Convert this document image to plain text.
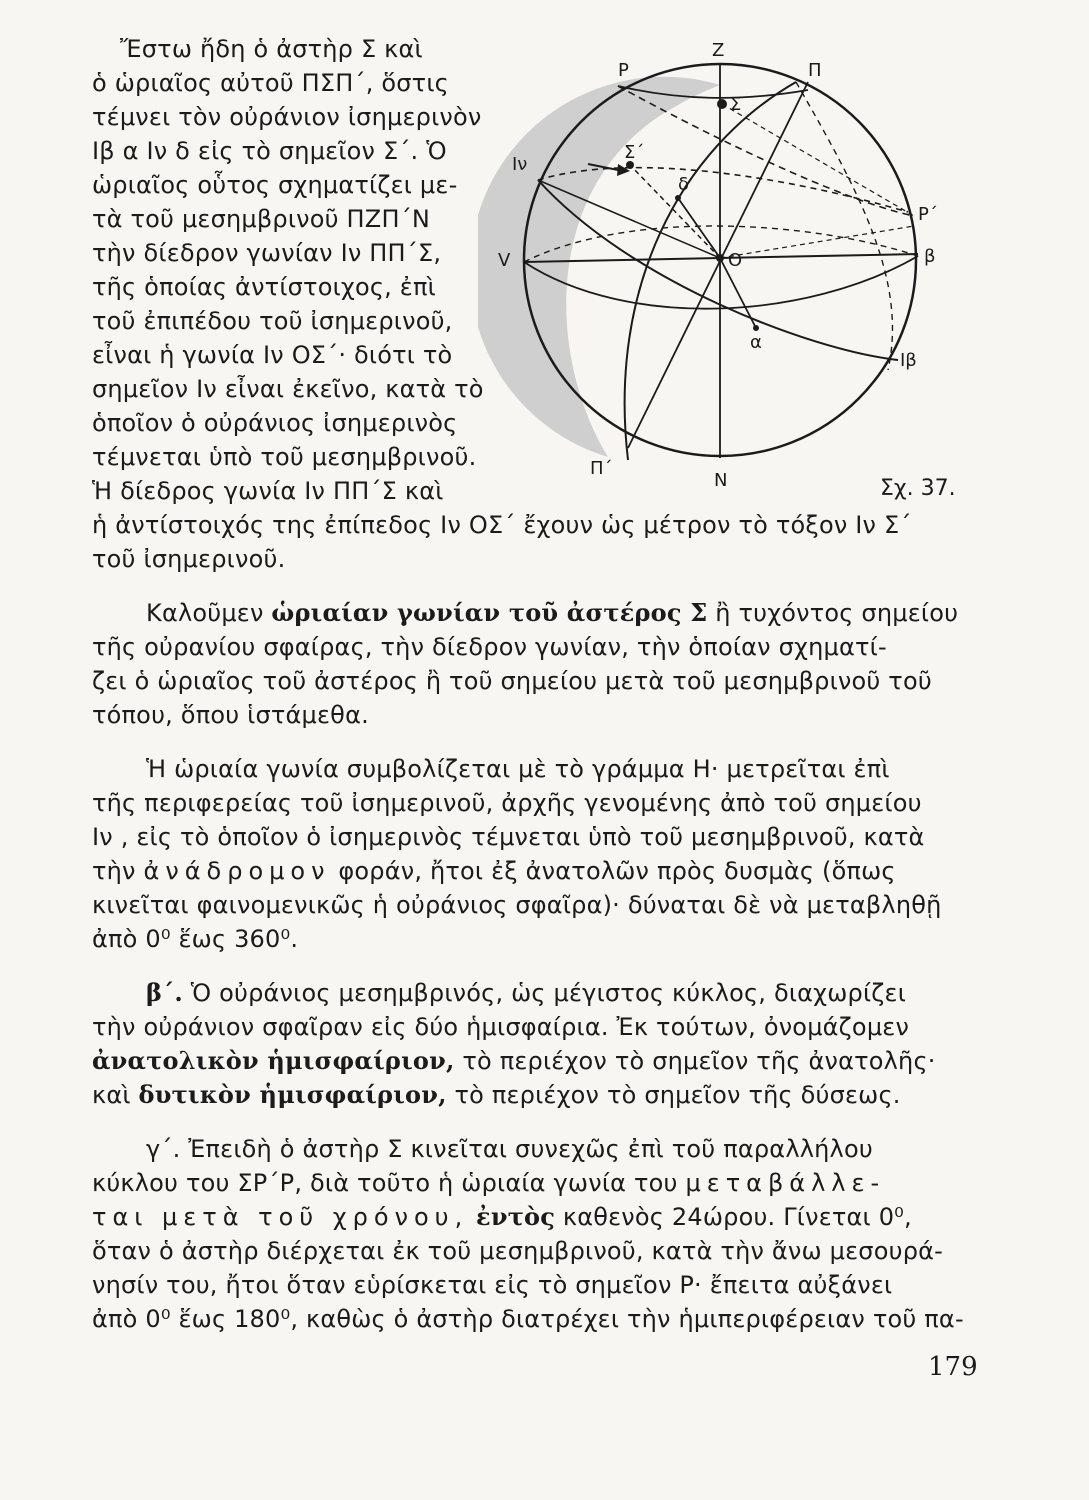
Ζ
Ρ	Π
Σ
Σ΄
δ
Ιν
Ρ΄
V	Ο	β
α
Ιβ
Π΄
Ν	Σχ. 37.
Ἔστω ἤδη ὁ ἀστὴρ Σ καὶ
ὁ ὡριαῖος αὐτοῦ ΠΣΠ΄, ὅστις
τέμνει τὸν οὐράνιον ἰσημερινὸν
Ιβ α Ιν δ εἰς τὸ σημεῖον Σ΄. Ὁ
ὡριαῖος οὗτος σχηματίζει με-
τὰ τοῦ μεσημβρινοῦ ΠΖΠ΄Ν
τὴν δίεδρον γωνίαν Ιν ΠΠ΄Σ,
τῆς ὁποίας ἀντίστοιχος, ἐπὶ
τοῦ ἐπιπέδου τοῦ ἰσημερινοῦ,
εἶναι ἡ γωνία Ιν ΟΣ΄· διότι τὸ
σημεῖον Ιν εἶναι ἐκεῖνο, κατὰ τὸ
ὁποῖον ὁ οὐράνιος ἰσημερινὸς
τέμνεται ὑπὸ τοῦ μεσημβρινοῦ.
Ἡ δίεδρος γωνία Ιν ΠΠ΄Σ καὶ
ἡ ἀντίστοιχός της ἐπίπεδος Ιν ΟΣ΄ ἔχουν ὡς μέτρον τὸ τόξον Ιν Σ΄
τοῦ ἰσημερινοῦ.
Καλοῦμεν ὡριαίαν γωνίαν τοῦ ἀστέρος Σ ἢ τυχόντος σημείου
τῆς οὐρανίου σφαίρας, τὴν δίεδρον γωνίαν, τὴν ὁποίαν σχηματί-
ζει ὁ ὡριαῖος τοῦ ἀστέρος ἢ τοῦ σημείου μετὰ τοῦ μεσημβρινοῦ τοῦ
τόπου, ὅπου ἱστάμεθα.
Ἡ ὡριαία γωνία συμβολίζεται μὲ τὸ γράμμα Η· μετρεῖται ἐπὶ
τῆς περιφερείας τοῦ ἰσημερινοῦ, ἀρχῆς γενομένης ἀπὸ τοῦ σημείου
Ιν , εἰς τὸ ὁποῖον ὁ ἰσημερινὸς τέμνεται ὑπὸ τοῦ μεσημβρινοῦ, κατὰ
τὴν ἀνάδρομον φοράν, ἤτοι ἐξ ἀνατολῶν πρὸς δυσμὰς (ὅπως
κινεῖται φαινομενικῶς ἡ οὐράνιος σφαῖρα)· δύναται δὲ νὰ μεταβληθῇ
ἀπὸ 0⁰ ἕως 360⁰.
β΄. Ὁ οὐράνιος μεσημβρινός, ὡς μέγιστος κύκλος, διαχωρίζει
τὴν οὐράνιον σφαῖραν εἰς δύο ἡμισφαίρια. Ἐκ τούτων, ὀνομάζομεν
ἀνατολικὸν ἡμισφαίριον, τὸ περιέχον τὸ σημεῖον τῆς ἀνατολῆς·
καὶ δυτικὸν ἡμισφαίριον, τὸ περιέχον τὸ σημεῖον τῆς δύσεως.
γ΄. Ἐπειδὴ ὁ ἀστὴρ Σ κινεῖται συνεχῶς ἐπὶ τοῦ παραλλήλου
κύκλου του ΣΡ΄Ρ, διὰ τοῦτο ἡ ὡριαία γωνία του μεταβάλλε-
ται μετὰ τοῦ χρόνου, ἐντὸς καθενὸς 24ώρου. Γίνεται 0⁰,
ὅταν ὁ ἀστὴρ διέρχεται ἐκ τοῦ μεσημβρινοῦ, κατὰ τὴν ἄνω μεσουρά-
νησίν του, ἤτοι ὅταν εὑρίσκεται εἰς τὸ σημεῖον Ρ· ἔπειτα αὐξάνει
ἀπὸ 0⁰ ἕως 180⁰, καθὼς ὁ ἀστὴρ διατρέχει τὴν ἡμιπεριφέρειαν τοῦ πα-
179
